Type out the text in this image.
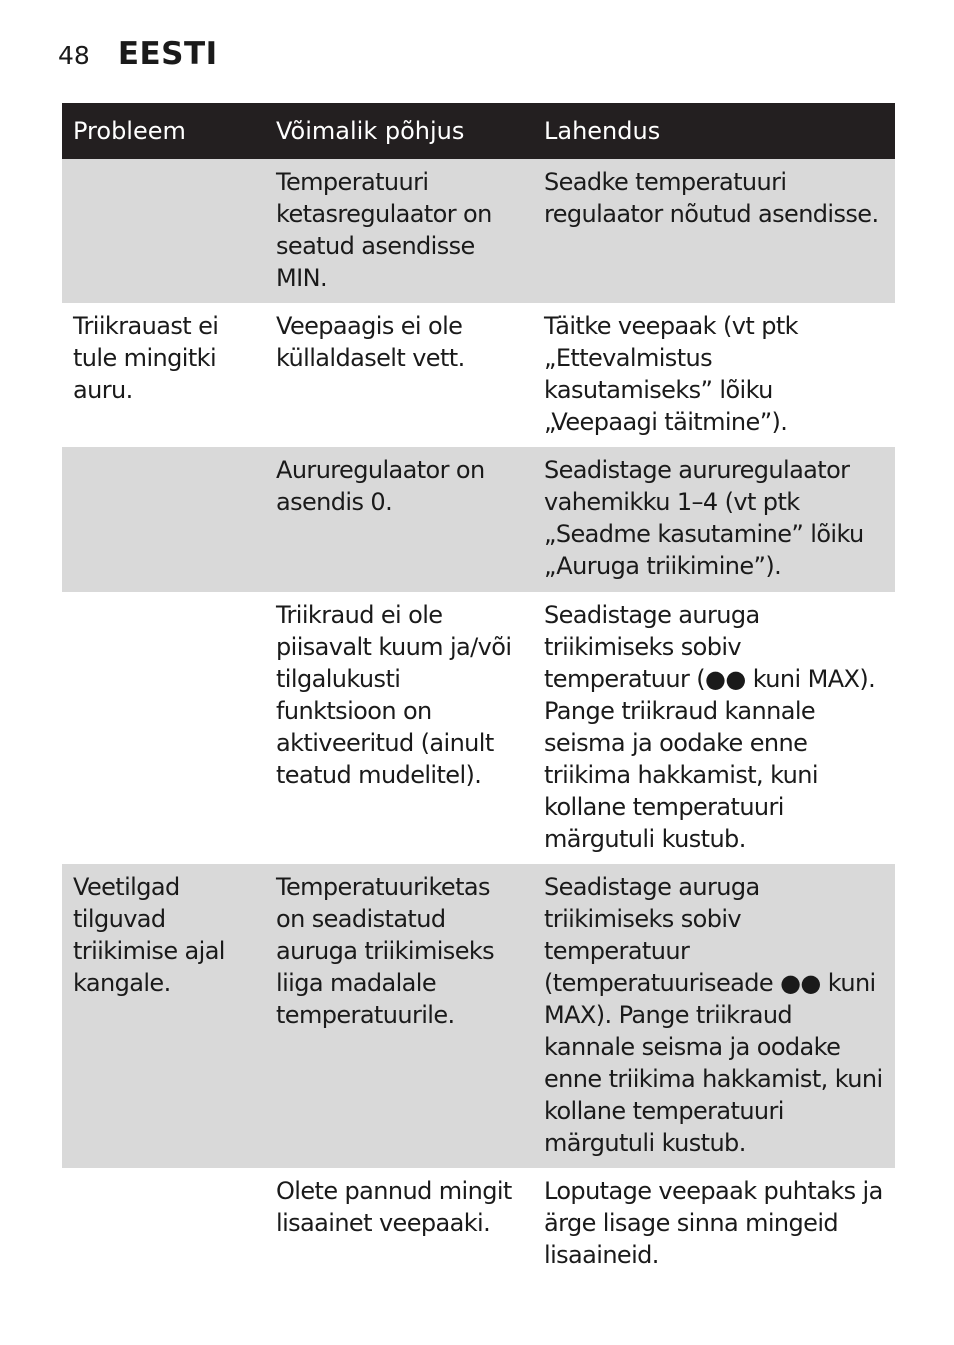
48 EESTI
Probleem	Võimalik põhjus	Lahendus
	Temperatuuri ketasregulaator on seatud asendisse MIN.	Seadke temperatuuri regulaator nõutud asendisse.
Triikrauast ei tule mingitki auru.	Veepaagis ei ole küllaldaselt vett.	Täitke veepaak (vt ptk „Ettevalmistus kasutamiseks” lõiku „Veepaagi täitmine”).
	Aururegulaator on asendis 0.	Seadistage aururegulaator vahemikku 1–4 (vt ptk „Seadme kasutamine” lõiku „Auruga triikimine”).
	Triikraud ei ole piisavalt kuum ja/või tilgalukusti funktsioon on aktiveeritud (ainult teatud mudelitel).	Seadistage auruga triikimiseks sobiv temperatuur (●● kuni MAX). Pange triikraud kannale seisma ja oodake enne triikima hakkamist, kuni kollane temperatuuri märgutuli kustub.
Veetilgad tilguvad triikimise ajal kangale.	Temperatuuriketas on seadistatud auruga triikimiseks liiga madalale temperatuurile.	Seadistage auruga triikimiseks sobiv temperatuur (temperatuuriseade ●● kuni MAX). Pange triikraud kannale seisma ja oodake enne triikima hakkamist, kuni kollane temperatuuri märgutuli kustub.
	Olete pannud mingit lisaainet veepaaki.	Loputage veepaak puhtaks ja ärge lisage sinna mingeid lisaaineid.
